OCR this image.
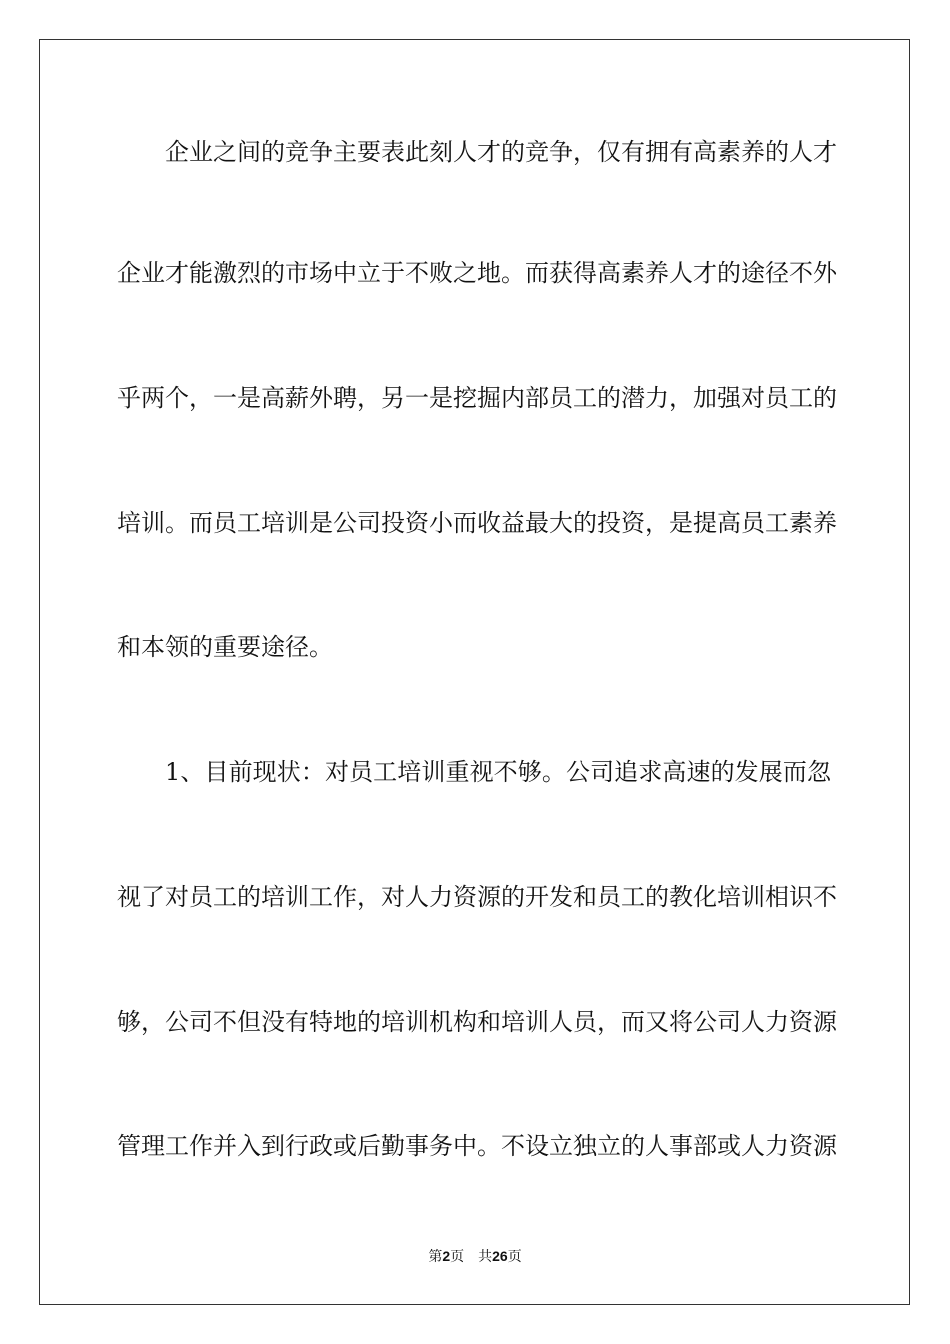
企业之间的竞争主要表此刻人才的竞争，仅有拥有高素养的人才
企业才能激烈的市场中立于不败之地。而获得高素养人才的途径不外
乎两个，一是高薪外聘，另一是挖掘内部员工的潜力，加强对员工的
培训。而员工培训是公司投资小而收益最大的投资，是提高员工素养
和本领的重要途径。
1、目前现状：对员工培训重视不够。公司追求高速的发展而忽
视了对员工的培训工作，对人力资源的开发和员工的教化培训相识不
够，公司不但没有特地的培训机构和培训人员，而又将公司人力资源
管理工作并入到行政或后勤事务中。不设立独立的人事部或人力资源
第2页 共26页
